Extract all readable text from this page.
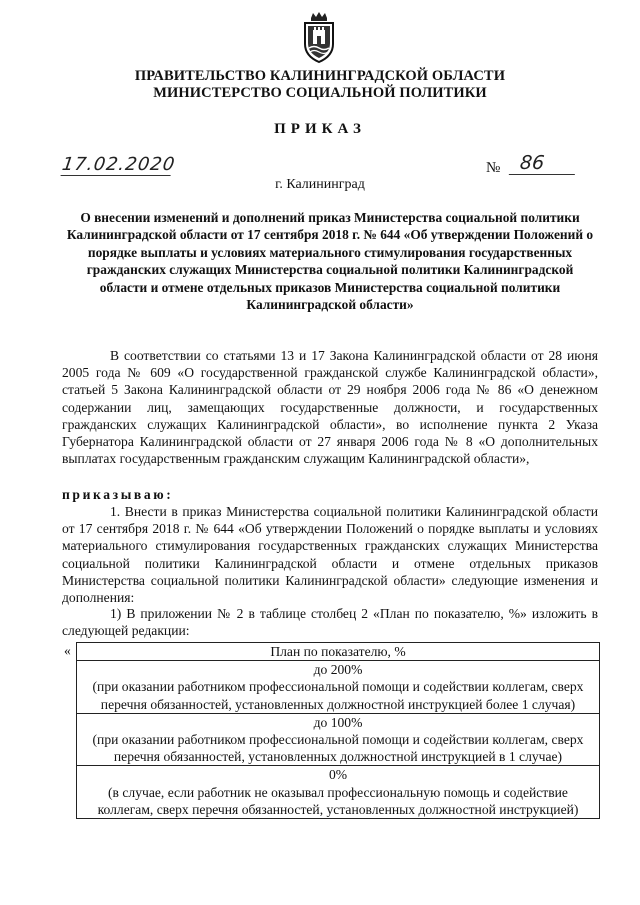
ПРАВИТЕЛЬСТВО КАЛИНИНГРАДСКОЙ ОБЛАСТИ
МИНИСТЕРСТВО СОЦИАЛЬНОЙ ПОЛИТИКИ
ПРИКАЗ
17.02.2020	№ 86
г. Калининград
О внесении изменений и дополнений приказ Министерства социальной политики Калининградской области от 17 сентября 2018 г. № 644 «Об утверждении Положений о порядке выплаты и условиях материального стимулирования государственных гражданских служащих Министерства социальной политики Калининградской области и отмене отдельных приказов Министерства социальной политики Калининградской области»
В соответствии со статьями 13 и 17 Закона Калининградской области от 28 июня 2005 года № 609 «О государственной гражданской службе Калининградской области», статьей 5 Закона Калининградской области от 29 ноября 2006 года № 86 «О денежном содержании лиц, замещающих государственные должности, и государственных гражданских служащих Калининградской области», во исполнение пункта 2 Указа Губернатора Калининградской области от 27 января 2006 года № 8 «О дополнительных выплатах государственным гражданским служащим Калининградской области»,
приказываю:
1. Внести в приказ Министерства социальной политики Калининградской области от 17 сентября 2018 г. № 644 «Об утверждении Положений о порядке выплаты и условиях материального стимулирования государственных гражданских служащих Министерства социальной политики Калининградской области и отмене отдельных приказов Министерства социальной политики Калининградской области» следующие изменения и дополнения:
1) В приложении № 2 в таблице столбец 2 «План по показателю, %» изложить в следующей редакции:
«	План по показателю, %

до 200%
(при оказании работником профессиональной помощи и содействии коллегам, сверх перечня обязанностей, установленных должностной инструкцией более 1 случая)

до 100%
(при оказании работником профессиональной помощи и содействии коллегам, сверх перечня обязанностей, установленных должностной инструкцией в 1 случае)

0%
(в случае, если работник не оказывал профессиональную помощь и содействие коллегам, сверх перечня обязанностей, установленных должностной инструкцией)
